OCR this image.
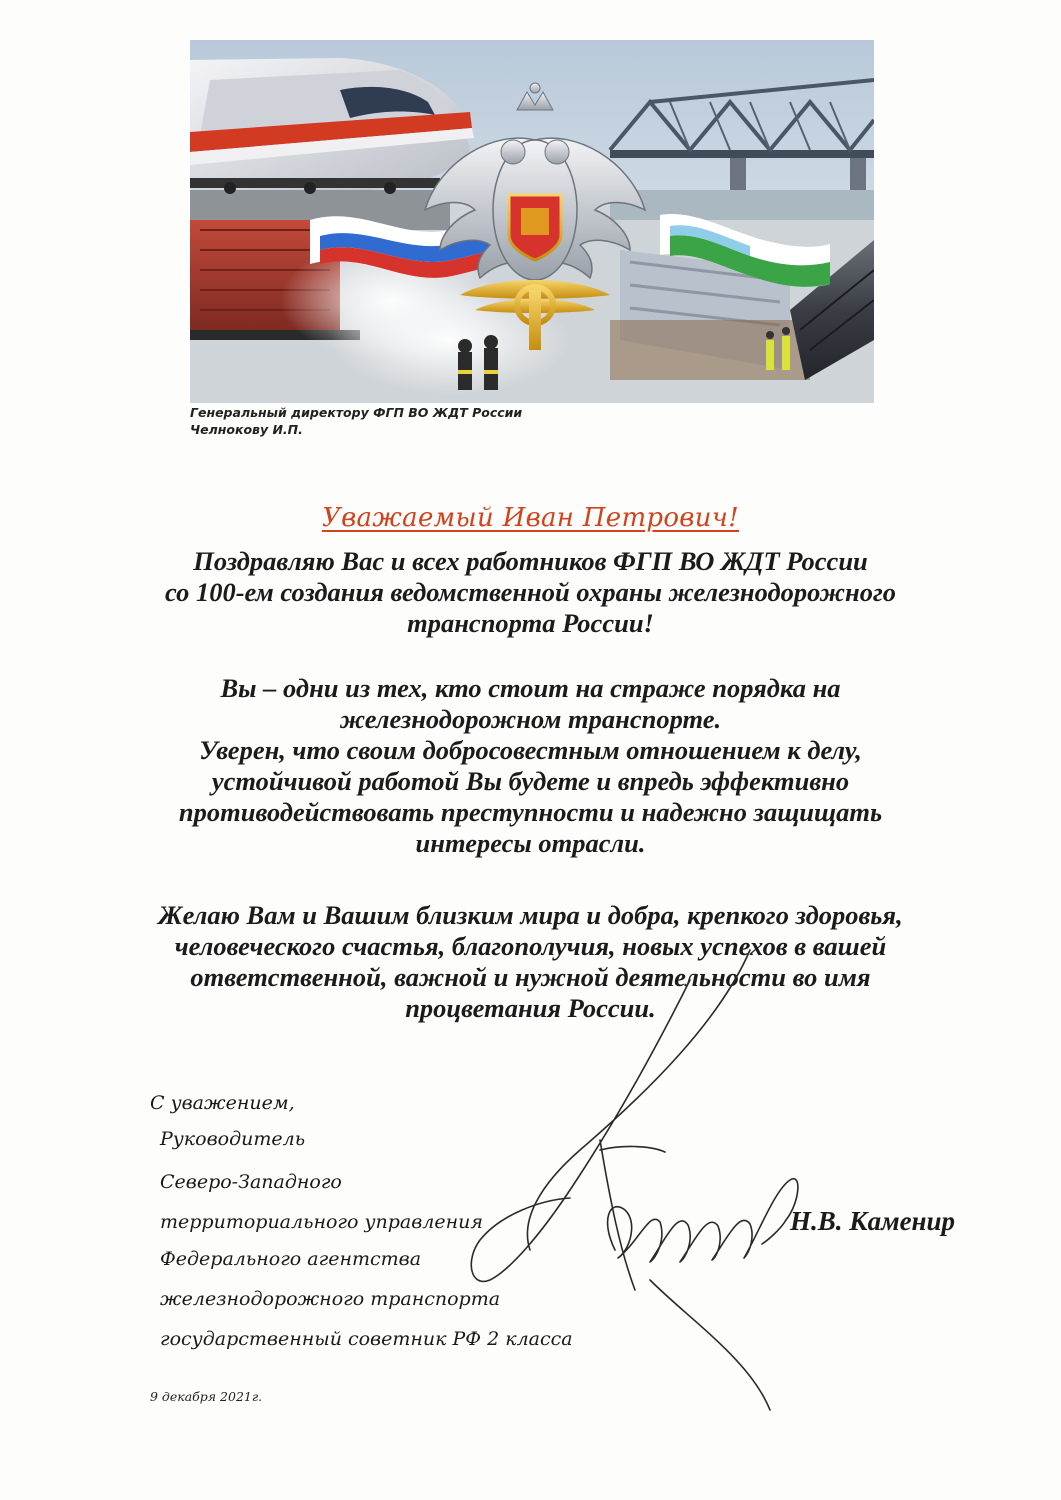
Генеральный директору ФГП ВО ЖДТ России
Челнокову И.П.
Уважаемый Иван Петрович!
Поздравляю Вас и всех работников ФГП ВО ЖДТ России
со 100-ем создания ведомственной охраны железнодорожного
транспорта России!
Вы – одни из тех, кто стоит на страже порядка на
железнодорожном транспорте.
Уверен, что своим добросовестным отношением к делу,
устойчивой работой Вы будете и впредь эффективно
противодействовать преступности и надежно защищать
интересы отрасли.
Желаю Вам и Вашим близким мира и добра, крепкого здоровья,
человеческого счастья, благополучия, новых успехов в вашей
ответственной, важной и нужной деятельности во имя
процветания России.
С уважением,
Руководитель
Северо-Западного
территориального управления
Федерального агентства
железнодорожного транспорта
государственный советник РФ 2 класса
Н.В. Каменир
9 декабря 2021г.
